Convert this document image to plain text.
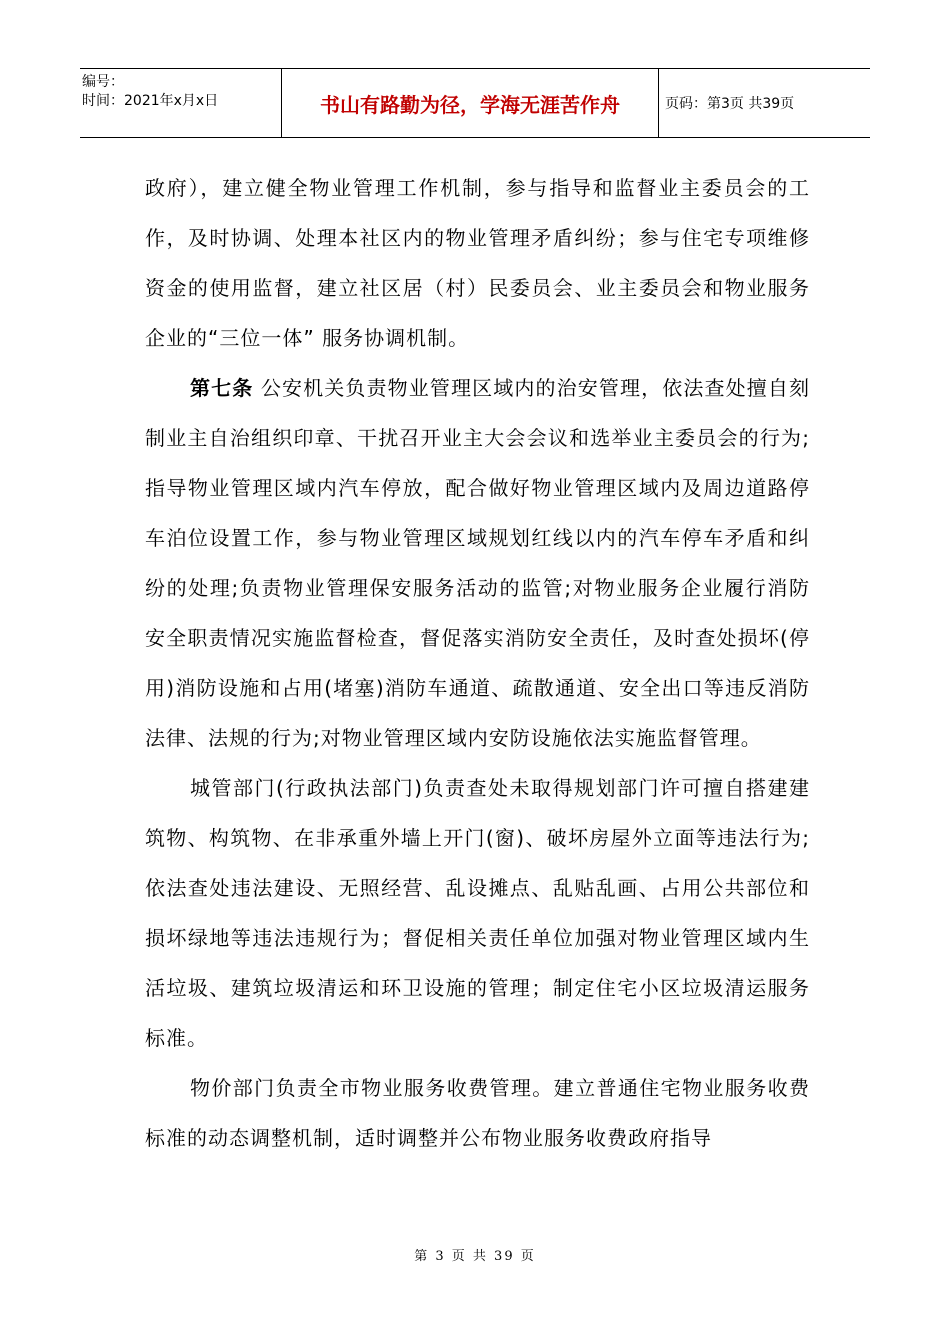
编号：
时间：2021年x月x日	书山有路勤为径，学海无涯苦作舟	页码：第3页 共39页

政府），建立健全物业管理工作机制，参与指导和监督业主委员会的工作，及时协调、处理本社区内的物业管理矛盾纠纷；参与住宅专项维修资金的使用监督，建立社区居（村）民委员会、业主委员会和物业服务企业的“三位一体” 服务协调机制。

第七条 公安机关负责物业管理区域内的治安管理，依法查处擅自刻制业主自治组织印章、干扰召开业主大会会议和选举业主委员会的行为;指导物业管理区域内汽车停放，配合做好物业管理区域内及周边道路停车泊位设置工作，参与物业管理区域规划红线以内的汽车停车矛盾和纠纷的处理;负责物业管理保安服务活动的监管;对物业服务企业履行消防安全职责情况实施监督检查，督促落实消防安全责任，及时查处损坏(停用)消防设施和占用(堵塞)消防车通道、疏散通道、安全出口等违反消防法律、法规的行为;对物业管理区域内安防设施依法实施监督管理。

城管部门(行政执法部门)负责查处未取得规划部门许可擅自搭建建筑物、构筑物、在非承重外墙上开门(窗)、破坏房屋外立面等违法行为;依法查处违法建设、无照经营、乱设摊点、乱贴乱画、占用公共部位和损坏绿地等违法违规行为；督促相关责任单位加强对物业管理区域内生活垃圾、建筑垃圾清运和环卫设施的管理；制定住宅小区垃圾清运服务标准。

物价部门负责全市物业服务收费管理。建立普通住宅物业服务收费标准的动态调整机制，适时调整并公布物业服务收费政府指导

第 3 页 共 39 页
